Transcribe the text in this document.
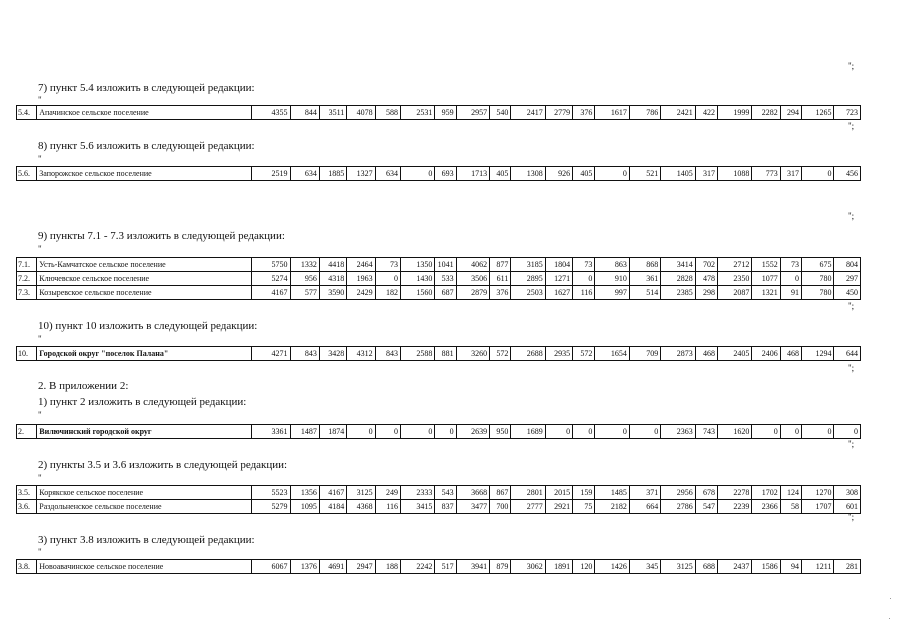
";
7) пункт 5.4 изложить в следующей редакции:
"
5.4.	Апачинское сельское поселение	4355	844	3511	4078	588	2531	959	2957	540	2417	2779	376	1617	786	2421	422	1999	2282	294	1265	723
";
8) пункт 5.6 изложить в следующей редакции:
"
5.6.	Запорожское сельское поселение	2519	634	1885	1327	634	0	693	1713	405	1308	926	405	0	521	1405	317	1088	773	317	0	456
";
9) пункты 7.1 - 7.3 изложить в следующей редакции:
"
7.1.	Усть-Камчатское сельское поселение	5750	1332	4418	2464	73	1350	1041	4062	877	3185	1804	73	863	868	3414	702	2712	1552	73	675	804
7.2.	Ключевское сельское поселение	5274	956	4318	1963	0	1430	533	3506	611	2895	1271	0	910	361	2828	478	2350	1077	0	780	297
7.3.	Козыревское сельское поселение	4167	577	3590	2429	182	1560	687	2879	376	2503	1627	116	997	514	2385	298	2087	1321	91	780	450
";
10) пункт 10 изложить в следующей редакции:
"
10.	Городской округ "поселок Палана"	4271	843	3428	4312	843	2588	881	3260	572	2688	2935	572	1654	709	2873	468	2405	2406	468	1294	644
";
2. В приложении 2:
1) пункт 2 изложить в следующей редакции:
"
2.	Вилючинский городской округ	3361	1487	1874	0	0	0	0	2639	950	1689	0	0	0	0	2363	743	1620	0	0	0	0
";
2) пункты 3.5 и 3.6 изложить в следующей редакции:
"
3.5.	Корякское сельское поселение	5523	1356	4167	3125	249	2333	543	3668	867	2801	2015	159	1485	371	2956	678	2278	1702	124	1270	308
3.6.	Раздольненское сельское поселение	5279	1095	4184	4368	116	3415	837	3477	700	2777	2921	75	2182	664	2786	547	2239	2366	58	1707	601
";
3) пункт 3.8 изложить в следующей редакции:
"
3.8.	Новоавачинское сельское поселение	6067	1376	4691	2947	188	2242	517	3941	879	3062	1891	120	1426	345	3125	688	2437	1586	94	1211	281
